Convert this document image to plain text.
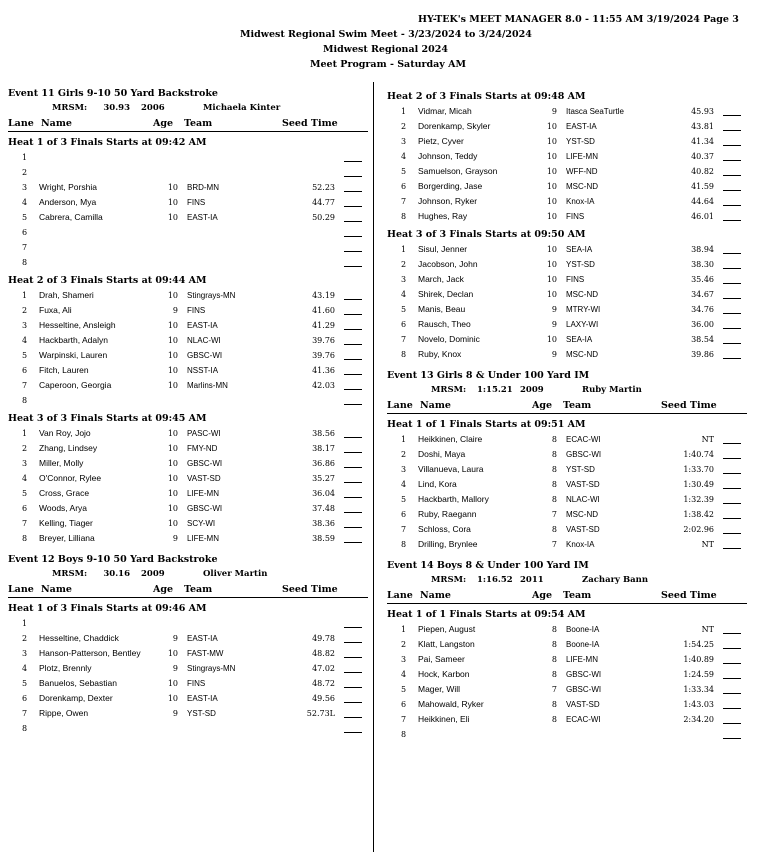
HY-TEK's MEET MANAGER 8.0 - 11:55 AM 3/19/2024 Page 3
Midwest Regional Swim Meet - 3/23/2024 to 3/24/2024
Midwest Regional 2024
Meet Program - Saturday AM
Event 11 Girls 9-10 50 Yard Backstroke
MRSM:	30.93 2006	Michaela Kinter
Lane Name	Age Team	Seed Time
Heat 1 of 3 Finals Starts at 09:42 AM
1
2
3 Wright, Porshia	10 BRD-MN	52.23
4 Anderson, Mya	10 FINS	44.77
5 Cabrera, Camilla	10 EAST-IA	50.29
6
7
8
Heat 2 of 3 Finals Starts at 09:44 AM
1 Drah, Shameri	10 Stingrays-MN	43.19
2 Fuxa, Ali	9 FINS	41.60
3 Hesseltine, Ansleigh	10 EAST-IA	41.29
4 Hackbarth, Adalyn	10 NLAC-WI	39.76
5 Warpinski, Lauren	10 GBSC-WI	39.76
6 Fitch, Lauren	10 NSST-IA	41.36
7 Caperoon, Georgia	10 Marlins-MN	42.03
8
Heat 3 of 3 Finals Starts at 09:45 AM
1 Van Roy, Jojo	10 PASC-WI	38.56
2 Zhang, Lindsey	10 FMY-ND	38.17
3 Miller, Molly	10 GBSC-WI	36.86
4 O'Connor, Rylee	10 VAST-SD	35.27
5 Cross, Grace	10 LIFE-MN	36.04
6 Woods, Arya	10 GBSC-WI	37.48
7 Kelling, Tiager	10 SCY-WI	38.36
8 Breyer, Lilliana	9 LIFE-MN	38.59
Event 12 Boys 9-10 50 Yard Backstroke
MRSM:	30.16 2009	Oliver Martin
Lane Name	Age Team	Seed Time
Heat 1 of 3 Finals Starts at 09:46 AM
1
2 Hesseltine, Chaddick	9 EAST-IA	49.78
3 Hanson-Patterson, Bentley	10 FAST-MW	48.82
4 Plotz, Brennly	9 Stingrays-MN	47.02
5 Banuelos, Sebastian	10 FINS	48.72
6 Dorenkamp, Dexter	10 EAST-IA	49.56
7 Rippe, Owen	9 YST-SD	52.73L
8
Heat 2 of 3 Finals Starts at 09:48 AM
1 Vidmar, Micah	9 Itasca SeaTurtle	45.93
2 Dorenkamp, Skyler	10 EAST-IA	43.81
3 Pietz, Cyver	10 YST-SD	41.34
4 Johnson, Teddy	10 LIFE-MN	40.37
5 Samuelson, Grayson	10 WFF-ND	40.82
6 Borgerding, Jase	10 MSC-ND	41.59
7 Johnson, Ryker	10 Knox-IA	44.64
8 Hughes, Ray	10 FINS	46.01
Heat 3 of 3 Finals Starts at 09:50 AM
1 Sisul, Jenner	10 SEA-IA	38.94
2 Jacobson, John	10 YST-SD	38.30
3 March, Jack	10 FINS	35.46
4 Shirek, Declan	10 MSC-ND	34.67
5 Manis, Beau	9 MTRY-WI	34.76
6 Rausch, Theo	9 LAXY-WI	36.00
7 Novelo, Dominic	10 SEA-IA	38.54
8 Ruby, Knox	9 MSC-ND	39.86
Event 13 Girls 8 & Under 100 Yard IM
MRSM: 1:15.21 2009	Ruby Martin
Lane Name	Age Team	Seed Time
Heat 1 of 1 Finals Starts at 09:51 AM
1 Heikkinen, Claire	8 ECAC-WI	NT
2 Doshi, Maya	8 GBSC-WI	1:40.74
3 Villanueva, Laura	8 YST-SD	1:33.70
4 Lind, Kora	8 VAST-SD	1:30.49
5 Hackbarth, Mallory	8 NLAC-WI	1:32.39
6 Ruby, Raegann	7 MSC-ND	1:38.42
7 Schloss, Cora	8 VAST-SD	2:02.96
8 Drilling, Brynlee	7 Knox-IA	NT
Event 14 Boys 8 & Under 100 Yard IM
MRSM: 1:16.52 2011	Zachary Bann
Lane Name	Age Team	Seed Time
Heat 1 of 1 Finals Starts at 09:54 AM
1 Piepen, August	8 Boone-IA	NT
2 Klatt, Langston	8 Boone-IA	1:54.25
3 Pai, Sameer	8 LIFE-MN	1:40.89
4 Hock, Karbon	8 GBSC-WI	1:24.59
5 Mager, Will	7 GBSC-WI	1:33.34
6 Mahowald, Ryker	8 VAST-SD	1:43.03
7 Heikkinen, Eli	8 ECAC-WI	2:34.20
8
